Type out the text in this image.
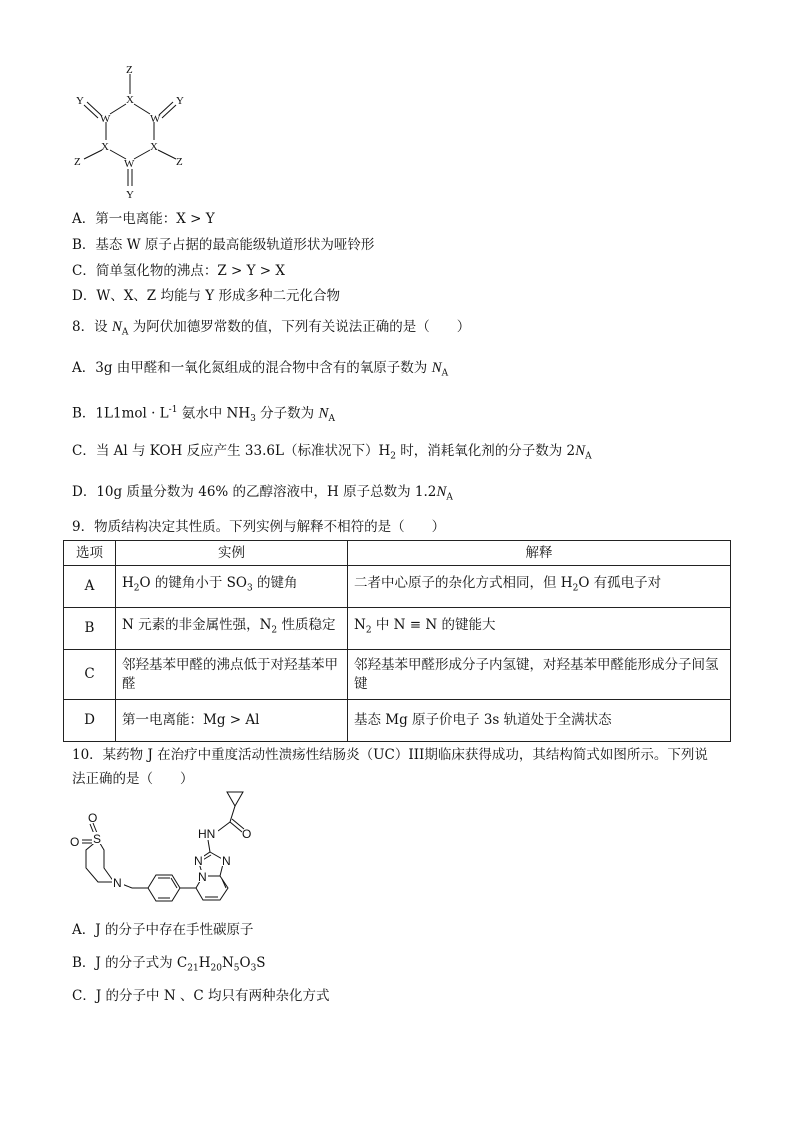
Z
X
Y
W	W
Y
X	X
Z	Z
W
Y
A．第一电离能：X > Y
B．基态 W 原子占据的最高能级轨道形状为哑铃形
C．简单氢化物的沸点：Z > Y > X
D．W、X、Z 均能与 Y 形成多种二元化合物
8．设 $N_A$ 为阿伏加德罗常数的值，下列有关说法正确的是（　　）
A．3g 由甲醛和一氧化氮组成的混合物中含有的氧原子数为 $N_A$
B．$1L1mol \cdot L^{-1}$ 氨水中 $NH_3$ 分子数为 $N_A$
C．当 Al 与 KOH 反应产生 33.6L（标准状况下）$H_2$ 时，消耗氧化剂的分子数为 $2N_A$
D．10g 质量分数为 46% 的乙醇溶液中，H 原子总数为 $1.2N_A$
9．物质结构决定其性质。下列实例与解释不相符的是（　　）
选项	实例	解释
A	$H_2O$ 的键角小于 $SO_3$ 的键角	二者中心原子的杂化方式相同，但 $H_2O$ 有孤电子对
B	N 元素的非金属性强，$N_2$ 性质稳定	$N_2$ 中 N ≡ N 的键能大
C	邻羟基苯甲醛的沸点低于对羟基苯甲醛	邻羟基苯甲醛形成分子内氢键，对羟基苯甲醛能形成分子间氢键
D	第一电离能：Mg > Al	基态 Mg 原子价电子 3s 轨道处于全满状态
10．某药物 J 在治疗中重度活动性溃疡性结肠炎（UC）III期临床获得成功，其结构简式如图所示。下列说
法正确的是（　　）
S
O
O
N
HN O
N N
N
A．J 的分子中存在手性碳原子
B．J 的分子式为 $C_{21}H_{20}N_5O_3S$
C．J 的分子中 N 、C 均只有两种杂化方式
